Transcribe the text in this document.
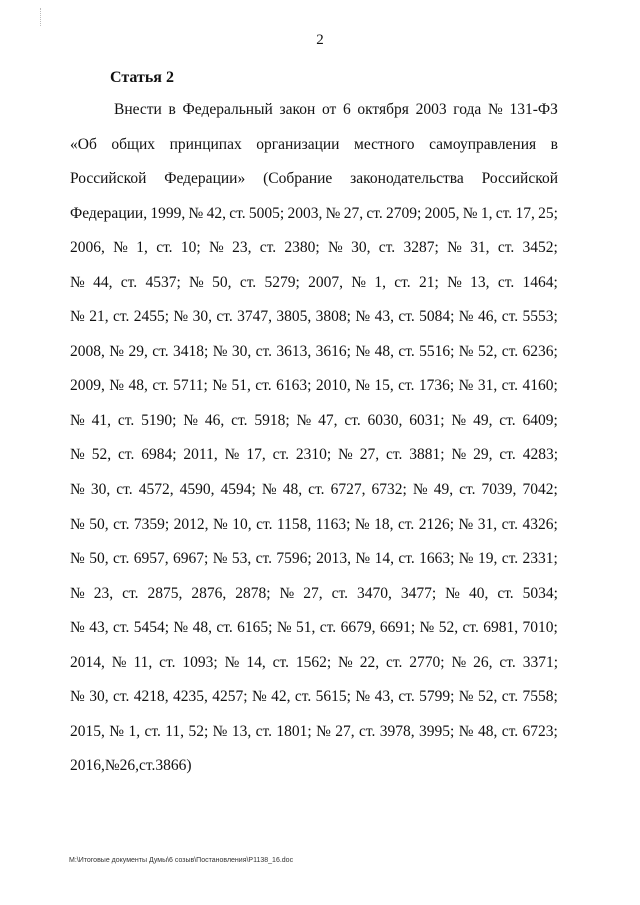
2
Статья 2
Внести в Федеральный закон от 6 октября 2003 года № 131-ФЗ
«Об общих принципах организации местного самоуправления в
Российской Федерации» (Собрание законодательства Российской
Федерации, 1999, № 42, ст. 5005; 2003, № 27, ст. 2709; 2005, № 1, ст. 17, 25;
2006, № 1, ст. 10; № 23, ст. 2380; № 30, ст. 3287; № 31, ст. 3452;
№ 44, ст. 4537; № 50, ст. 5279; 2007, № 1, ст. 21; № 13, ст. 1464;
№ 21, ст. 2455; № 30, ст. 3747, 3805, 3808; № 43, ст. 5084; № 46, ст. 5553;
2008, № 29, ст. 3418; № 30, ст. 3613, 3616; № 48, ст. 5516; № 52, ст. 6236;
2009, № 48, ст. 5711; № 51, ст. 6163; 2010, № 15, ст. 1736; № 31, ст. 4160;
№ 41, ст. 5190; № 46, ст. 5918; № 47, ст. 6030, 6031; № 49, ст. 6409;
№ 52, ст. 6984; 2011, № 17, ст. 2310; № 27, ст. 3881; № 29, ст. 4283;
№ 30, ст. 4572, 4590, 4594; № 48, ст. 6727, 6732; № 49, ст. 7039, 7042;
№ 50, ст. 7359; 2012, № 10, ст. 1158, 1163; № 18, ст. 2126; № 31, ст. 4326;
№ 50, ст. 6957, 6967; № 53, ст. 7596; 2013, № 14, ст. 1663; № 19, ст. 2331;
№ 23, ст. 2875, 2876, 2878; № 27, ст. 3470, 3477; № 40, ст. 5034;
№ 43, ст. 5454; № 48, ст. 6165; № 51, ст. 6679, 6691; № 52, ст. 6981, 7010;
2014, № 11, ст. 1093; № 14, ст. 1562; № 22, ст. 2770; № 26, ст. 3371;
№ 30, ст. 4218, 4235, 4257; № 42, ст. 5615; № 43, ст. 5799; № 52, ст. 7558;
2015, № 1, ст. 11, 52; № 13, ст. 1801; № 27, ст. 3978, 3995; № 48, ст. 6723;
2016, № 26, ст.3866)
M:\Итоговые документы Думы\6 созыв\Постановления\Р1138_16.doc
